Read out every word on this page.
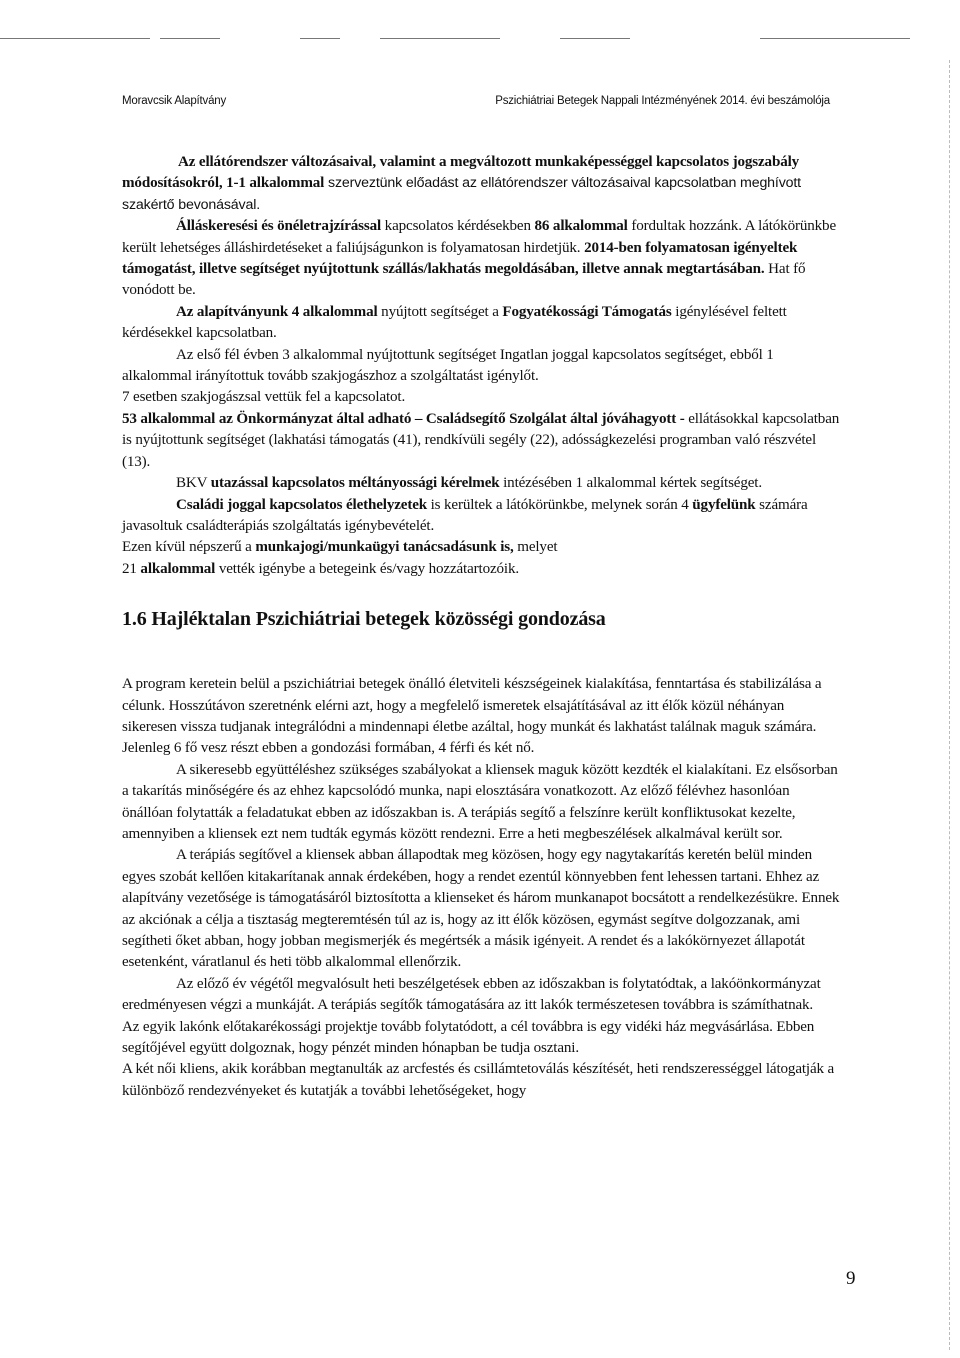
Moravcsik Alapítvány	Pszichiátriai Betegek Nappali Intézményének 2014. évi beszámolója

Az ellátórendszer változásaival, valamint a megváltozott munkaképességgel kapcsolatos jogszabály módosításokról, 1-1 alkalommal szerveztünk előadást az ellátórendszer változásaival kapcsolatban meghívott szakértő bevonásával.

Álláskeresési és önéletrajzírással kapcsolatos kérdésekben 86 alkalommal fordultak hozzánk. A látókörünkbe került lehetséges álláshirdetéseket a faliújságunkon is folyamatosan hirdetjük. 2014-ben folyamatosan igényeltek támogatást, illetve segítséget nyújtottunk szállás/lakhatás megoldásában, illetve annak megtartásában. Hat fő vonódott be.

Az alapítványunk 4 alkalommal nyújtott segítséget a Fogyatékossági Támogatás igénylésével feltett kérdésekkel kapcsolatban.

Az első fél évben 3 alkalommal nyújtottunk segítséget Ingatlan joggal kapcsolatos segítséget, ebből 1 alkalommal irányítottuk tovább szakjogászhoz a szolgáltatást igénylőt.

7 esetben szakjogászsal vettük fel a kapcsolatot.

53 alkalommal az Önkormányzat által adható – Családsegítő Szolgálat által jóváhagyott - ellátásokkal kapcsolatban is nyújtottunk segítséget (lakhatási támogatás (41), rendkívüli segély (22), adósságkezelési programban való részvétel (13).

BKV utazással kapcsolatos méltányossági kérelmek intézésében 1 alkalommal kértek segítséget.

Családi joggal kapcsolatos élethelyzetek is kerültek a látókörünkbe, melynek során 4 ügyfelünk számára javasoltuk családterápiás szolgáltatás igénybevételét.

Ezen kívül népszerű a munkajogi/munkaügyi tanácsadásunk is, melyet

21 alkalommal vették igénybe a betegeink és/vagy hozzátartozóik.

1.6 Hajléktalan Pszichiátriai betegek közösségi gondozása

A program keretein belül a pszichiátriai betegek önálló életviteli készségeinek kialakítása, fenntartása és stabilizálása a célunk. Hosszútávon szeretnénk elérni azt, hogy a megfelelő ismeretek elsajátításával az itt élők közül néhányan sikeresen vissza tudjanak integrálódni a mindennapi életbe azáltal, hogy munkát és lakhatást találnak maguk számára. Jelenleg 6 fő vesz részt ebben a gondozási formában, 4 férfi és két nő.

A sikeresebb együttéléshez szükséges szabályokat a kliensek maguk között kezdték el kialakítani. Ez elsősorban a takarítás minőségére és az ehhez kapcsolódó munka, napi elosztására vonatkozott. Az előző félévhez hasonlóan önállóan folytatták a feladatukat ebben az időszakban is. A terápiás segítő a felszínre került konfliktusokat kezelte, amennyiben a kliensek ezt nem tudták egymás között rendezni. Erre a heti megbeszélések alkalmával került sor.

A terápiás segítővel a kliensek abban állapodtak meg közösen, hogy egy nagytakarítás keretén belül minden egyes szobát kellően kitakarítanak annak érdekében, hogy a rendet ezentúl könnyebben fent lehessen tartani. Ehhez az alapítvány vezetősége is támogatásáról biztosította a klienseket és három munkanapot bocsátott a rendelkezésükre. Ennek az akciónak a célja a tisztaság megteremtésén túl az is, hogy az itt élők közösen, egymást segítve dolgozzanak, ami segítheti őket abban, hogy jobban megismerjék és megértsék a másik igényeit. A rendet és a lakókörnyezet állapotát esetenként, váratlanul és heti több alkalommal ellenőrzik.

Az előző év végétől megvalósult heti beszélgetések ebben az időszakban is folytatódtak, a lakóönkormányzat eredményesen végzi a munkáját. A terápiás segítők támogatására az itt lakók természetesen továbbra is számíthatnak.

Az egyik lakónk előtakarékossági projektje tovább folytatódott, a cél továbbra is egy vidéki ház megvásárlása. Ebben segítőjével együtt dolgoznak, hogy pénzét minden hónapban be tudja osztani.

A két női kliens, akik korábban megtanulták az arcfestés és csillámtetoválás készítését, heti rendszerességgel látogatják a különböző rendezvényeket és kutatják a további lehetőségeket, hogy

9
